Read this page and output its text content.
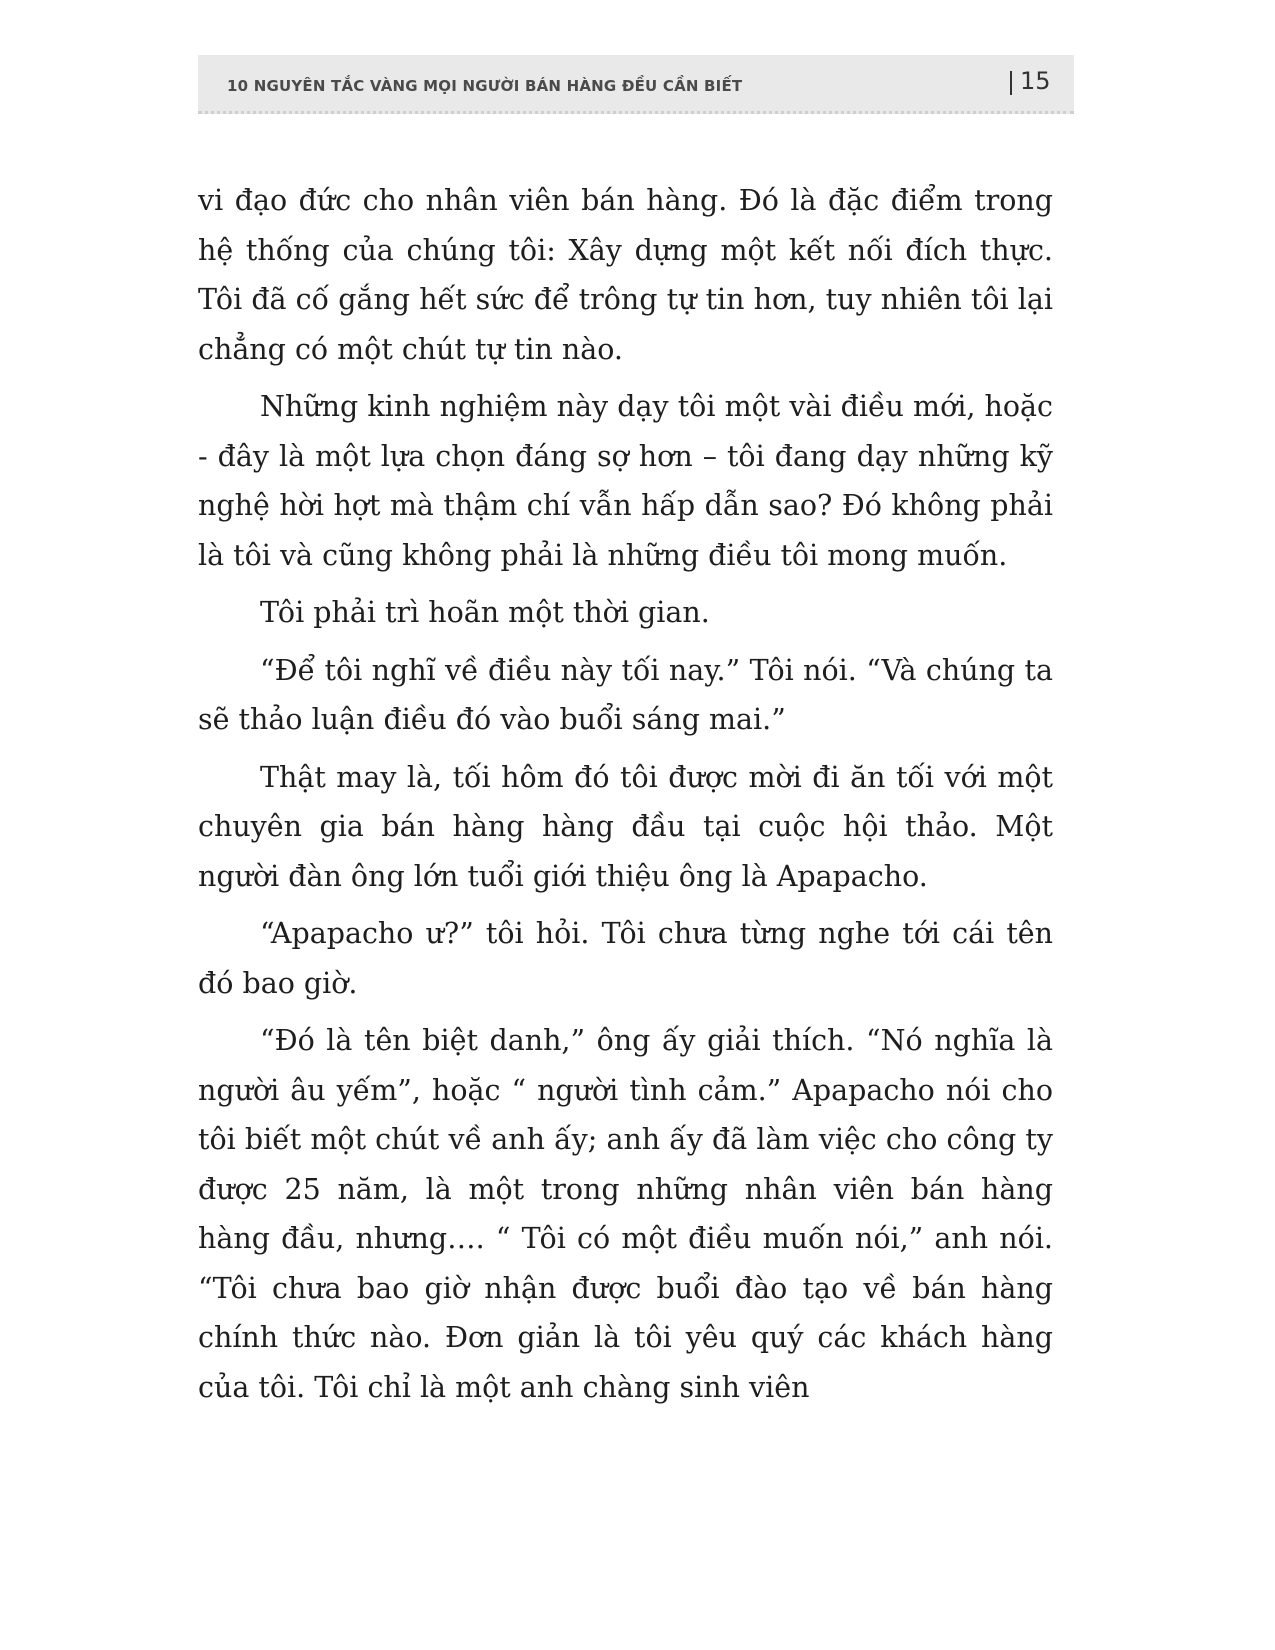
10 NGUYÊN TẮC VÀNG MỌI NGƯỜI BÁN HÀNG ĐỀU CẦN BIẾT	15

vi đạo đức cho nhân viên bán hàng. Đó là đặc điểm trong hệ thống của chúng tôi: Xây dựng một kết nối đích thực. Tôi đã cố gắng hết sức để trông tự tin hơn, tuy nhiên tôi lại chẳng có một chút tự tin nào.

Những kinh nghiệm này dạy tôi một vài điều mới, hoặc - đây là một lựa chọn đáng sợ hơn – tôi đang dạy những kỹ nghệ hời hợt mà thậm chí vẫn hấp dẫn sao? Đó không phải là tôi và cũng không phải là những điều tôi mong muốn.

Tôi phải trì hoãn một thời gian.

“Để tôi nghĩ về điều này tối nay.” Tôi nói. “Và chúng ta sẽ thảo luận điều đó vào buổi sáng mai.”

Thật may là, tối hôm đó tôi được mời đi ăn tối với một chuyên gia bán hàng hàng đầu tại cuộc hội thảo. Một người đàn ông lớn tuổi giới thiệu ông là Apapacho.

“Apapacho ư?” tôi hỏi. Tôi chưa từng nghe tới cái tên đó bao giờ.

“Đó là tên biệt danh,” ông ấy giải thích. “Nó nghĩa là người âu yếm”, hoặc “ người tình cảm.” Apapacho nói cho tôi biết một chút về anh ấy; anh ấy đã làm việc cho công ty được 25 năm, là một trong những nhân viên bán hàng hàng đầu, nhưng…. “ Tôi có một điều muốn nói,” anh nói. “Tôi chưa bao giờ nhận được buổi đào tạo về bán hàng chính thức nào. Đơn giản là tôi yêu quý các khách hàng của tôi. Tôi chỉ là một anh chàng sinh viên
